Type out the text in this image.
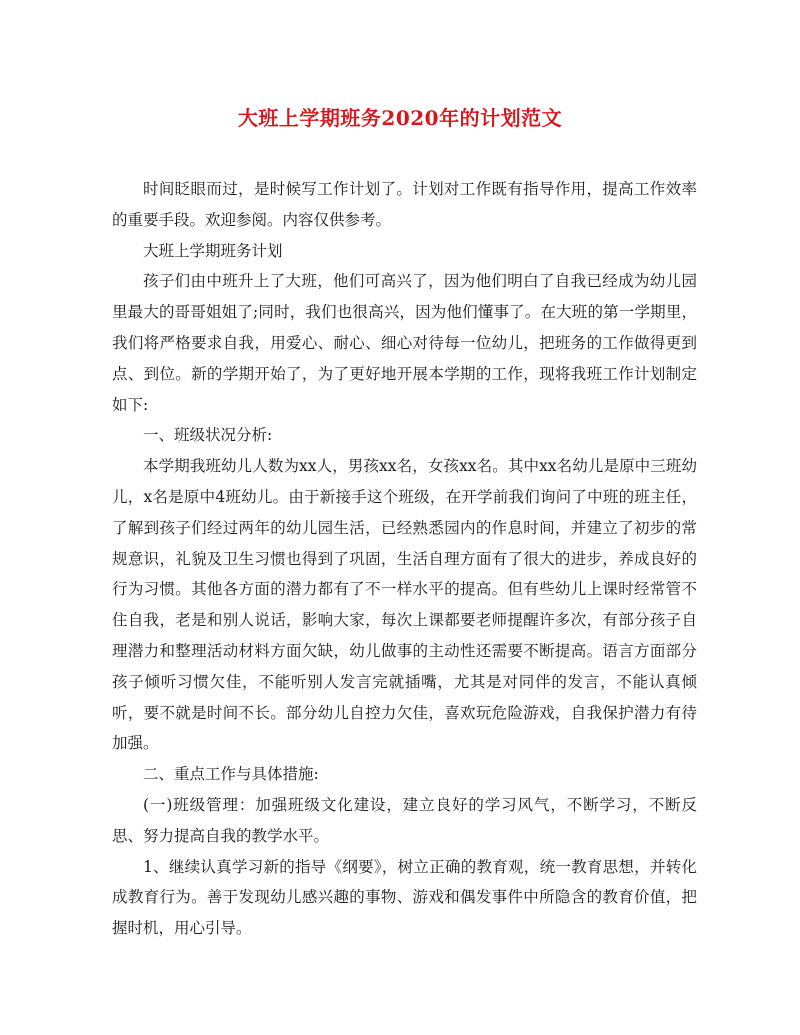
大班上学期班务2020年的计划范文

时间眨眼而过，是时候写工作计划了。计划对工作既有指导作用，提高工作效率的重要手段。欢迎参阅。内容仅供参考。

大班上学期班务计划

孩子们由中班升上了大班，他们可高兴了，因为他们明白了自我已经成为幼儿园里最大的哥哥姐姐了;同时，我们也很高兴，因为他们懂事了。在大班的第一学期里，我们将严格要求自我，用爱心、耐心、细心对待每一位幼儿，把班务的工作做得更到点、到位。新的学期开始了，为了更好地开展本学期的工作，现将我班工作计划制定如下:

一、班级状况分析:

本学期我班幼儿人数为xx人，男孩xx名，女孩xx名。其中xx名幼儿是原中三班幼儿，x名是原中4班幼儿。由于新接手这个班级，在开学前我们询问了中班的班主任，了解到孩子们经过两年的幼儿园生活，已经熟悉园内的作息时间，并建立了初步的常规意识，礼貌及卫生习惯也得到了巩固，生活自理方面有了很大的进步，养成良好的行为习惯。其他各方面的潜力都有了不一样水平的提高。但有些幼儿上课时经常管不住自我，老是和别人说话，影响大家，每次上课都要老师提醒许多次，有部分孩子自理潜力和整理活动材料方面欠缺，幼儿做事的主动性还需要不断提高。语言方面部分孩子倾听习惯欠佳，不能听别人发言完就插嘴，尤其是对同伴的发言，不能认真倾听，要不就是时间不长。部分幼儿自控力欠佳，喜欢玩危险游戏，自我保护潜力有待加强。

二、重点工作与具体措施:

(一)班级管理：加强班级文化建设，建立良好的学习风气，不断学习，不断反思、努力提高自我的教学水平。

1、继续认真学习新的指导《纲要》，树立正确的教育观，统一教育思想，并转化成教育行为。善于发现幼儿感兴趣的事物、游戏和偶发事件中所隐含的教育价值，把握时机，用心引导。
